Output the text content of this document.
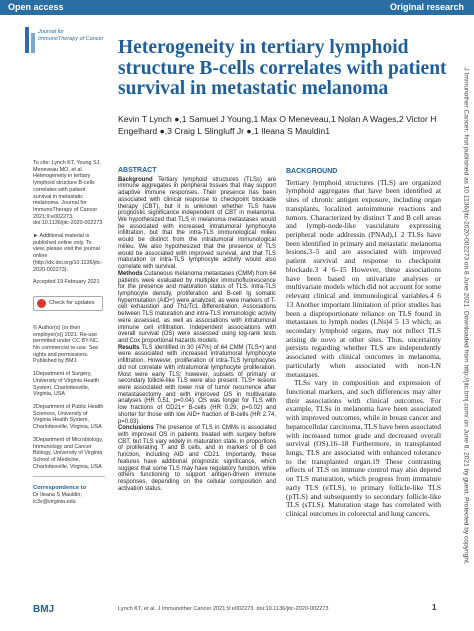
Open access	Original research
Journal for
ImmunoTherapy of Cancer Heterogeneity in tertiary lymphoid structure B-cells correlates with patient survival in metastatic melanoma
Kevin T Lynch ●,1 Samuel J Young,1 Max O Meneveau,1 Nolan A Wages,2 Victor H Engelhard ●,3 Craig L Slingluff Jr ●,1 Ileana S Mauldin1

To cite: Lynch KT, Young SJ, Meneveau MO, et al. Heterogeneity in tertiary lymphoid structure B-cells correlates with patient survival in metastatic melanoma. Journal for ImmunoTherapy of Cancer 2021;9:e002273. doi:10.1136/jitc-2020-002273

► Additional material is published online only. To view, please visit the journal online (http://dx.doi.org/10.1136/jitc-2020-002273).

Accepted 19 February 2021

Check for updates

© Author(s) (or their employer(s)) 2021. Re-use permitted under CC BY-NC. No commercial re-use. See rights and permissions. Published by BMJ.

1Department of Surgery, University of Virginia Health System, Charlottesville, Virginia, USA

2Department of Public Health Sciences, University of Virginia Health System, Charlottesville, Virginia, USA

3Department of Microbiology, Immunology and Cancer Biology, University of Virginia School of Medicine, Charlottesville, Virginia, USA

Correspondence to

Dr Ileana S Mauldin; ic3v@virginia.edu

ABSTRACT

Background Tertiary lymphoid structures (TLSs) are immune aggregates in peripheral tissues that may support adaptive immune responses. Their presence has been associated with clinical response to checkpoint blockade therapy (CBT), but it is unknown whether TLS have prognostic significance independent of CBT in melanoma. We hypothesized that TLS in melanoma metastases would be associated with increased intratumoral lymphocyte infiltration, but that the intra-TLS immunological milieu would be distinct from the intratumoral immunological milieu. We also hypothesized that the presence of TLS would be associated with improved survival, and that TLS maturation or intra-TLS lymphocyte activity would also correlate with survival.
Methods Cutaneous melanoma metastases (CMM) from 64 patients were evaluated by multiplex immunofluorescence for the presence and maturation status of TLS. Intra-TLS lymphocyte density, proliferation and B-cell Ig somatic hypermutation (AID+) were analyzed, as were markers of T-cell exhaustion and Th1/Tc1 differentiation. Associations between TLS maturation and intra-TLS immunologic activity were assessed, as well as associations with intratumoral immune cell infiltration. Independent associations with overall survival (OS) were assessed using log-rank tests and Cox proportional hazards models.
Results TLS identified in 30 (47%) of 64 CMM (TLS+) and were associated with increased intratumoral lymphocyte infiltration. However, proliferation of intra-TLS lymphocytes did not correlate with intratumoral lymphocyte proliferation. Most were early TLS; however, subsets of primary or secondary follicle-like TLS were also present. TLS+ lesions were associated with lower risk of tumor recurrence after metastasectomy and with improved OS in multivariate analyses (HR 0.51, p=0.04). OS was longer for TLS with low fractions of CD21+ B-cells (HR 0.29, p=0.02) and shorter for those with low AID+ fraction of B-cells (HR 2.74, p=0.03).
Conclusions The presence of TLS in CMMs is associated with improved OS in patients treated with surgery before CBT, but TLS vary widely in maturation state, in proportions of proliferating T and B cells, and in markers of B cell function, including AID and CD21. Importantly, these features have additional prognostic significance, which suggest that some TLS may have regulatory function, while others functioning to support antigen-driven immune responses, depending on the cellular composition and activation status.

BACKGROUND

Tertiary lymphoid structures (TLS) are organized lymphoid aggregates that have been identified at sites of chronic antigen exposure, including organ transplants, localized autoimmune reactions and tumors. Characterized by distinct T and B cell areas and lymph-node-like vasculature expressing peripheral node addressin (PNAd),1 2 TLSs have been identified in primary and metastatic melanoma lesions,3–5 and are associated with improved patient survival and response to checkpoint blockade.3 4 6–15 However, these associations have been based on univariate analyses or multivariate models which did not account for some relevant clinical and immunological variables.4 6 13 Another important limitation of prior studies has been a disproportionate reliance on TLS found in metastases to lymph nodes (LNs)4 5 13 which; as secondary lymphoid organs, may not reflect TLS arising de novo at other sites. Thus, uncertainty persists regarding whether TLS are independently associated with clinical outcomes in melanoma, particularly when associated with non-LN metastases.

TLSs vary in composition and expression of functional markers, and such differences may alter their associations with clinical outcomes. For example, TLSs in melanoma have been associated with improved outcomes, while in breast cancer and hepatocellular carcinoma, TLS have been associated with increased tumor grade and decreased overall survival (OS).16–18 Furthermore, in transplanted lungs, TLS are associated with enhanced tolerance to the transplanted organ.19 These contrasting effects of TLS on immune control may also depend on TLS maturation, which progress from immature early TLS (eTLS), to primary follicle-like TLS (pTLS) and subsequently to secondary follicle-like TLS (sTLS). Maturation stage has correlated with clinical outcomes in colorectal and lung cancers,	J Immunother Cancer: first published as 10.1136/jitc-2020-002273 on 8 June 2021. Downloaded from http://jitc.bmj.com/ on June 8, 2021 by guest. Protected by copyright.
BMJ	Lynch KT, et al. J Immunother Cancer 2021;9:e002273. doi:10.1136/jitc-2020-002273	1
